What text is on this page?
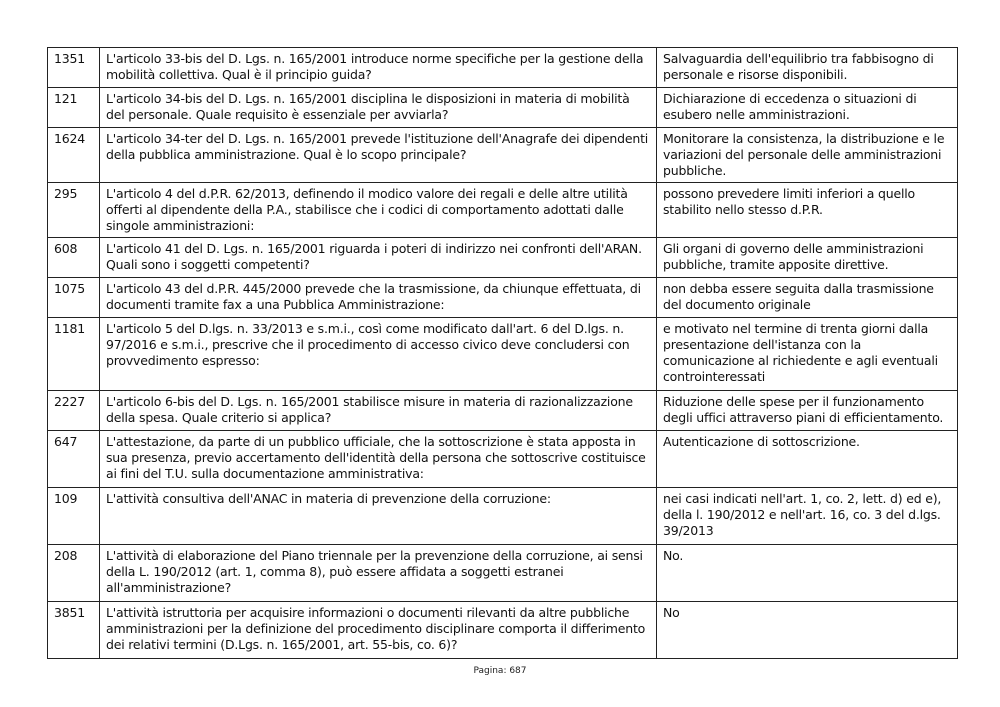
1351	L'articolo 33-bis del D. Lgs. n. 165/2001 introduce norme specifiche per la gestione della mobilità collettiva. Qual è il principio guida?	Salvaguardia dell'equilibrio tra fabbisogno di personale e risorse disponibili.
121	L'articolo 34-bis del D. Lgs. n. 165/2001 disciplina le disposizioni in materia di mobilità del personale. Quale requisito è essenziale per avviarla?	Dichiarazione di eccedenza o situazioni di esubero nelle amministrazioni.
1624	L'articolo 34-ter del D. Lgs. n. 165/2001 prevede l'istituzione dell'Anagrafe dei dipendenti della pubblica amministrazione. Qual è lo scopo principale?	Monitorare la consistenza, la distribuzione e le variazioni del personale delle amministrazioni pubbliche.
295	L'articolo 4 del d.P.R. 62/2013, definendo il modico valore dei regali e delle altre utilità offerti al dipendente della P.A., stabilisce che i codici di comportamento adottati dalle singole amministrazioni:	possono prevedere limiti inferiori a quello stabilito nello stesso d.P.R.
608	L'articolo 41 del D. Lgs. n. 165/2001 riguarda i poteri di indirizzo nei confronti dell'ARAN. Quali sono i soggetti competenti?	Gli organi di governo delle amministrazioni pubbliche, tramite apposite direttive.
1075	L'articolo 43 del d.P.R. 445/2000 prevede che la trasmissione, da chiunque effettuata, di documenti tramite fax a una Pubblica Amministrazione:	non debba essere seguita dalla trasmissione del documento originale
1181	L'articolo 5 del D.lgs. n. 33/2013 e s.m.i., così come modificato dall'art. 6 del D.lgs. n. 97/2016 e s.m.i., prescrive che il procedimento di accesso civico deve concludersi con provvedimento espresso:	e motivato nel termine di trenta giorni dalla presentazione dell'istanza con la comunicazione al richiedente e agli eventuali controinteressati
2227	L'articolo 6-bis del D. Lgs. n. 165/2001 stabilisce misure in materia di razionalizzazione della spesa. Quale criterio si applica?	Riduzione delle spese per il funzionamento degli uffici attraverso piani di efficientamento.
647	L'attestazione, da parte di un pubblico ufficiale, che la sottoscrizione è stata apposta in sua presenza, previo accertamento dell'identità della persona che sottoscrive costituisce ai fini del T.U. sulla documentazione amministrativa:	Autenticazione di sottoscrizione.
109	L'attività consultiva dell'ANAC in materia di prevenzione della corruzione:	nei casi indicati nell'art. 1, co. 2, lett. d) ed e), della l. 190/2012 e nell'art. 16, co. 3 del d.lgs. 39/2013
208	L'attività di elaborazione del Piano triennale per la prevenzione della corruzione, ai sensi della L. 190/2012 (art. 1, comma 8), può essere affidata a soggetti estranei all'amministrazione?	No.
3851	L'attività istruttoria per acquisire informazioni o documenti rilevanti da altre pubbliche amministrazioni per la definizione del procedimento disciplinare comporta il differimento dei relativi termini (D.Lgs. n. 165/2001, art. 55-bis, co. 6)?	No
Pagina: 687
